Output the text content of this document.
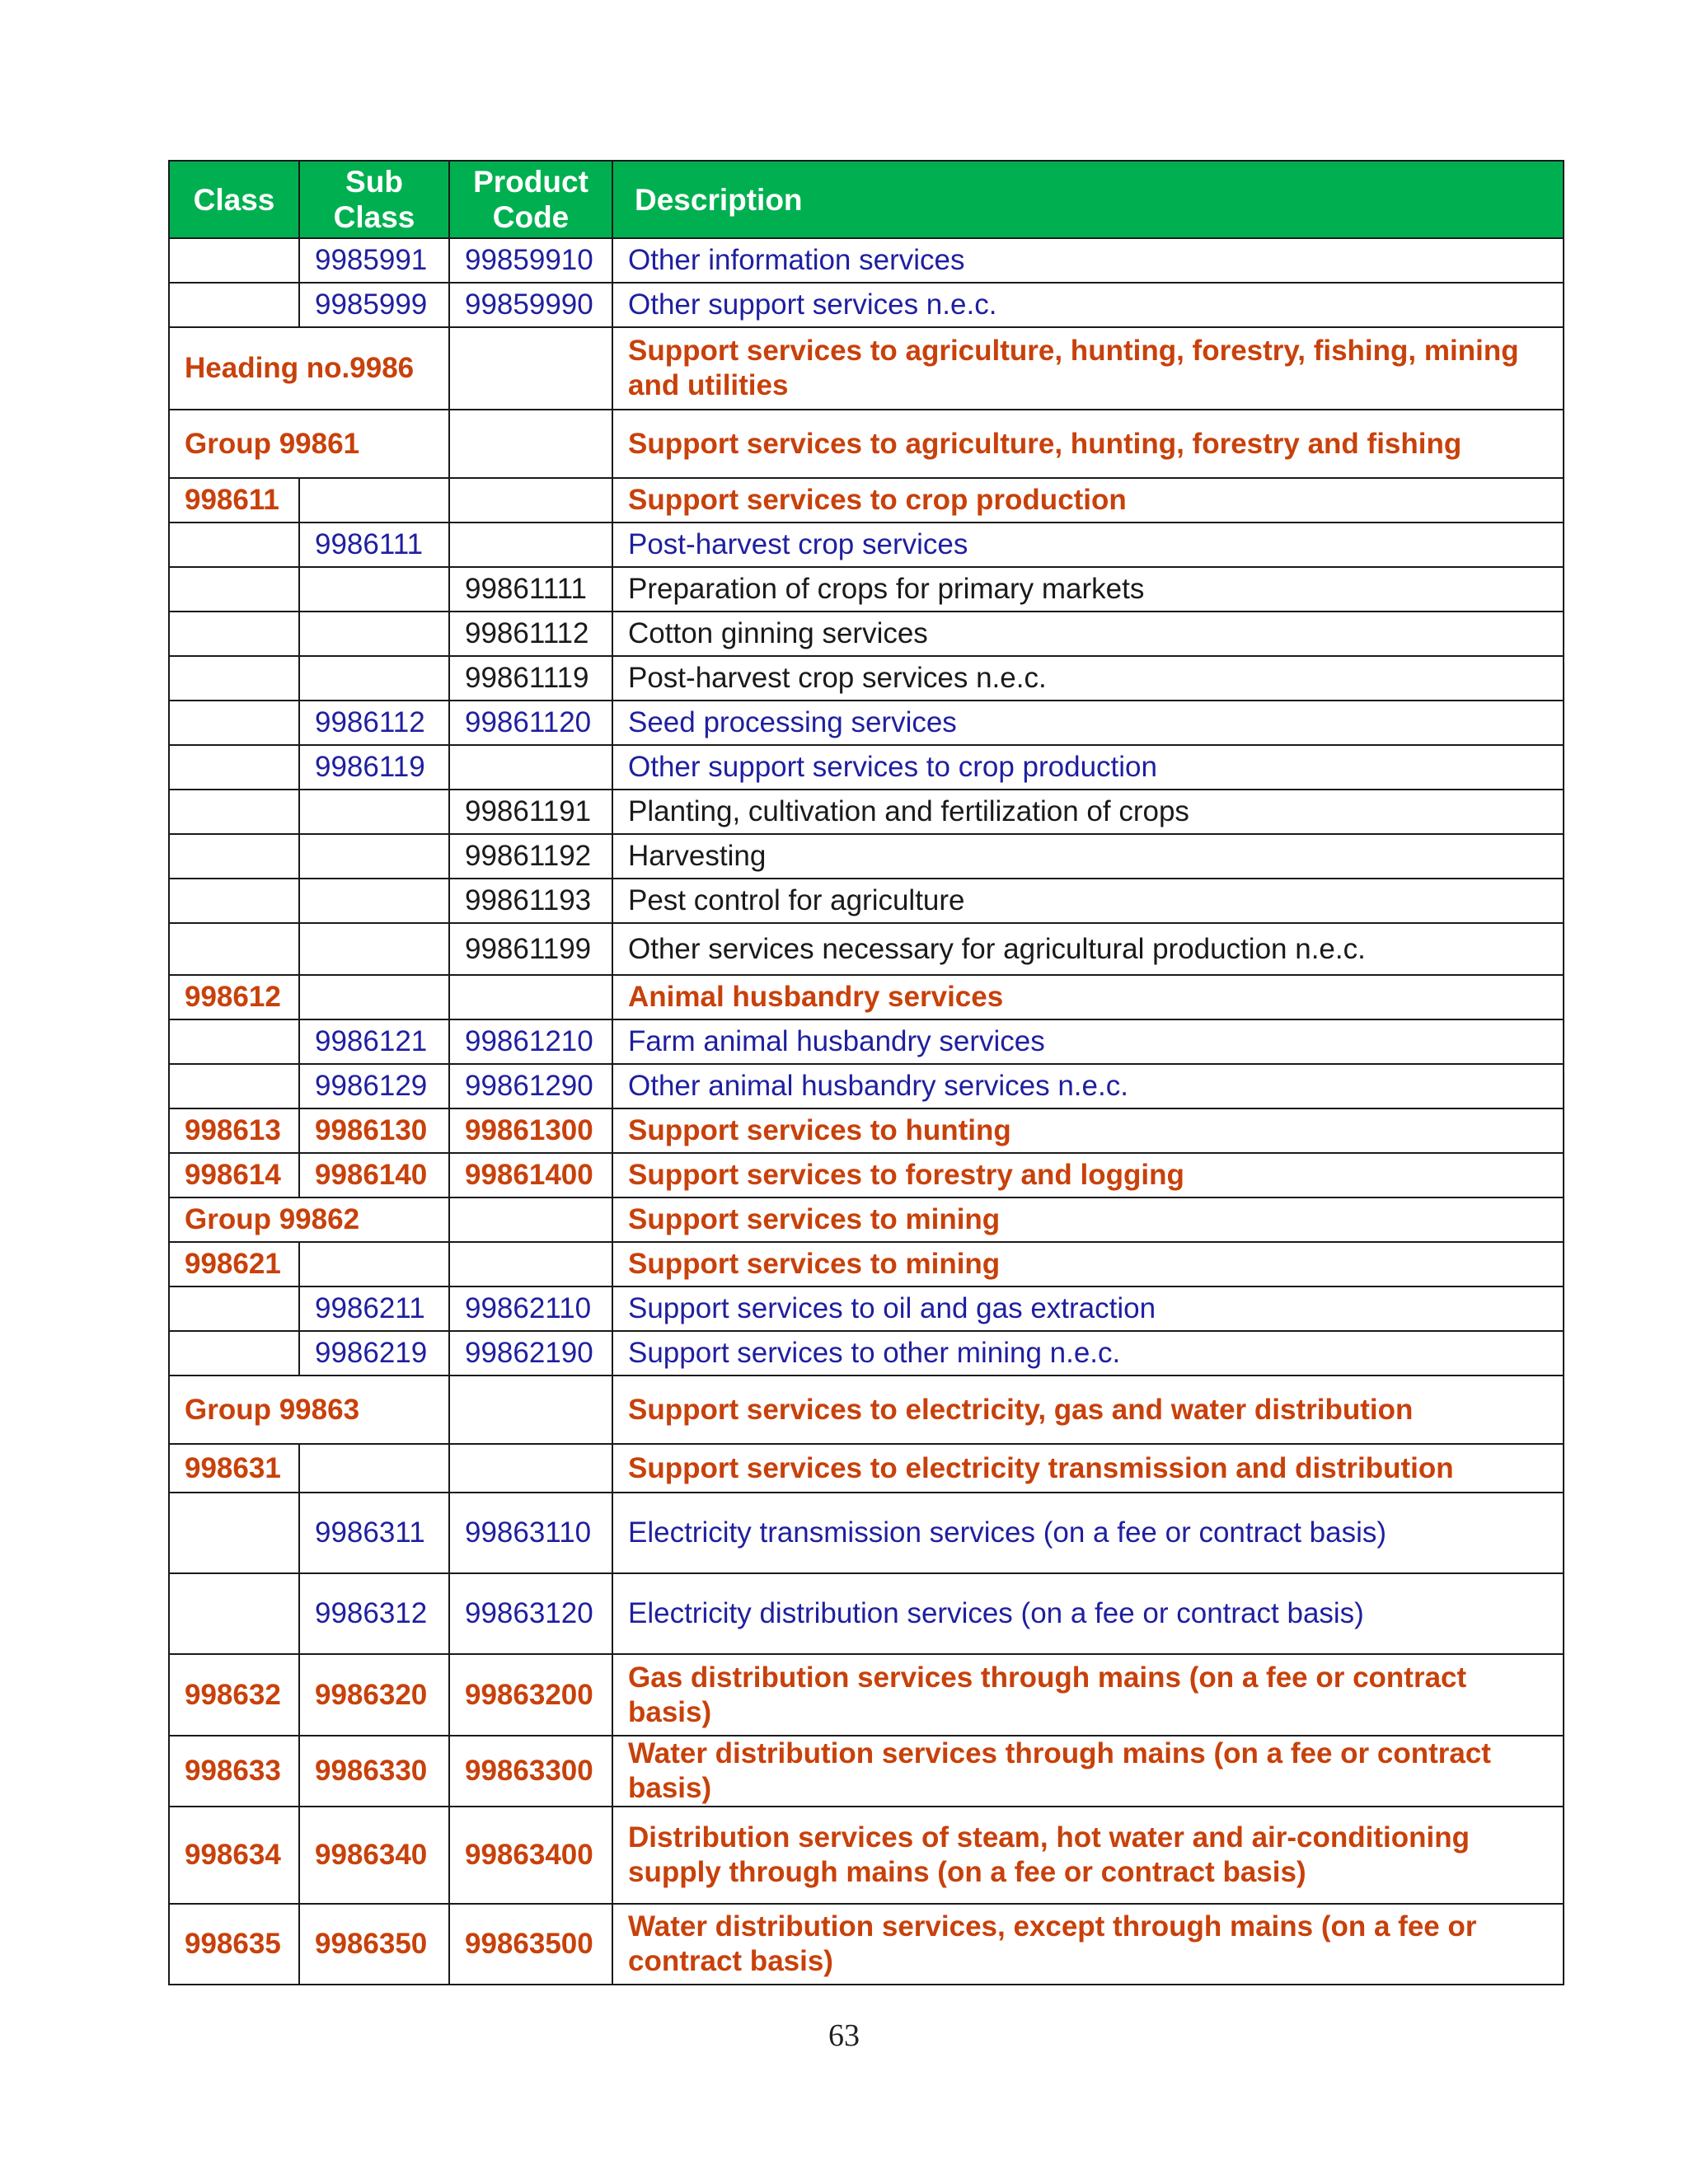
Class	Sub Class	Product Code	Description
	9985991	99859910	Other information services
	9985999	99859990	Other support services n.e.c.
Heading no.9986			Support services to agriculture, hunting, forestry, fishing, mining and utilities
Group 99861			Support services to agriculture, hunting, forestry and fishing
998611			Support services to crop production
	9986111		Post-harvest crop services
		99861111	Preparation of crops for primary markets
		99861112	Cotton ginning services
		99861119	Post-harvest crop services n.e.c.
	9986112	99861120	Seed processing services
	9986119		Other support services to crop production
		99861191	Planting, cultivation and fertilization of crops
		99861192	Harvesting
		99861193	Pest control for agriculture
		99861199	Other services necessary for agricultural production n.e.c.
998612			Animal husbandry services
	9986121	99861210	Farm animal husbandry services
	9986129	99861290	Other animal husbandry services n.e.c.
998613	9986130	99861300	Support services to hunting
998614	9986140	99861400	Support services to forestry and logging
Group 99862			Support services to mining
998621			Support services to mining
	9986211	99862110	Support services to oil and gas extraction
	9986219	99862190	Support services to other mining n.e.c.
Group 99863			Support services to electricity, gas and water distribution
998631			Support services to electricity transmission and distribution
	9986311	99863110	Electricity transmission services (on a fee or contract basis)
	9986312	99863120	Electricity distribution services (on a fee or contract basis)
998632	9986320	99863200	Gas distribution services through mains (on a fee or contract basis)
998633	9986330	99863300	Water distribution services through mains (on a fee or contract basis)
998634	9986340	99863400	Distribution services of steam, hot water and air-conditioning supply through mains (on a fee or contract basis)
998635	9986350	99863500	Water distribution services, except through mains (on a fee or contract basis)
63
